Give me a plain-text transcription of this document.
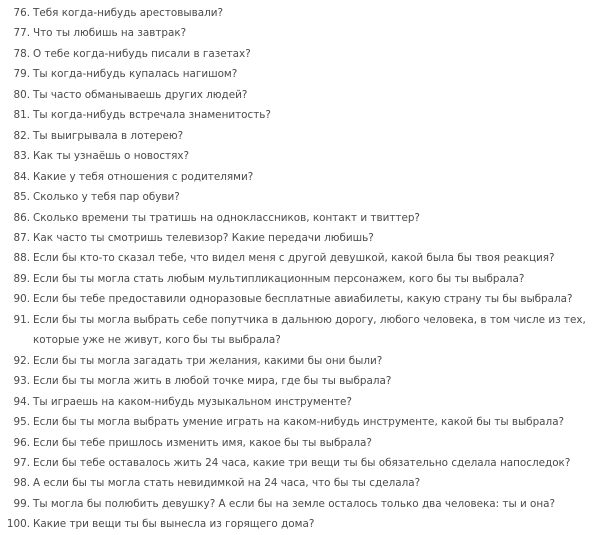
76. Тебя когда-нибудь арестовывали?
77. Что ты любишь на завтрак?
78. О тебе когда-нибудь писали в газетах?
79. Ты когда-нибудь купалась нагишом?
80. Ты часто обманываешь других людей?
81. Ты когда-нибудь встречала знаменитость?
82. Ты выигрывала в лотерею?
83. Как ты узнаёшь о новостях?
84. Какие у тебя отношения с родителями?
85. Сколько у тебя пар обуви?
86. Сколько времени ты тратишь на одноклассников, контакт и твиттер?
87. Как часто ты смотришь телевизор? Какие передачи любишь?
88. Если бы кто-то сказал тебе, что видел меня с другой девушкой, какой была бы твоя реакция?
89. Если бы ты могла стать любым мультипликационным персонажем, кого бы ты выбрала?
90. Если бы тебе предоставили одноразовые бесплатные авиабилеты, какую страну ты бы выбрала?
91. Если бы ты могла выбрать себе попутчика в дальнюю дорогу, любого человека, в том числе из тех, которые уже не живут, кого бы ты выбрала?
92. Если бы ты могла загадать три желания, какими бы они были?
93. Если бы ты могла жить в любой точке мира, где бы ты выбрала?
94. Ты играешь на каком-нибудь музыкальном инструменте?
95. Если бы ты могла выбрать умение играть на каком-нибудь инструменте, какой бы ты выбрала?
96. Если бы тебе пришлось изменить имя, какое бы ты выбрала?
97. Если бы тебе оставалось жить 24 часа, какие три вещи ты бы обязательно сделала напоследок?
98. А если бы ты могла стать невидимкой на 24 часа, что бы ты сделала?
99. Ты могла бы полюбить девушку? А если бы на земле осталось только два человека: ты и она?
100. Какие три вещи ты бы вынесла из горящего дома?
